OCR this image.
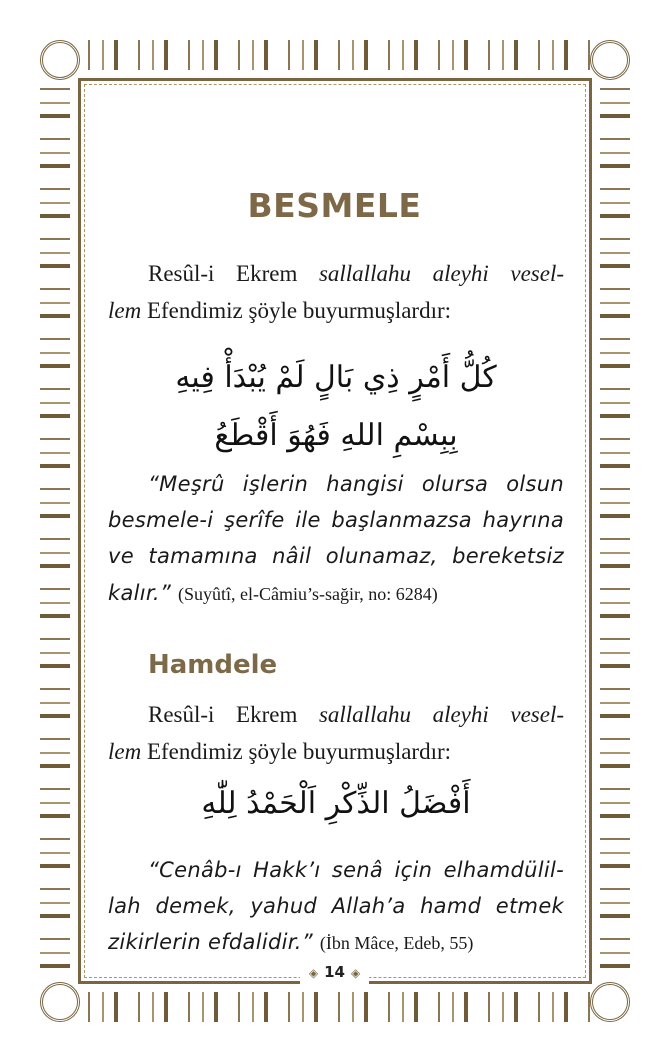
BESMELE
Resûl-i Ekrem sallallahu aleyhi vesel-
lem Efendimiz şöyle buyurmuşlardır:
كُلُّ أَمْرٍ ذِي بَالٍ لَمْ يُبْدَأْ فِيهِ
بِبِسْمِ اللهِ فَهُوَ أَقْطَعُ
“Meşrû işlerin hangisi olursa olsun
besmele-i şerîfe ile başlanmazsa hayrına
ve tamamına nâil olunamaz, bereketsiz
kalır.” (Suyûtî, el-Câmiu’s-sağir, no: 6284)
Hamdele
Resûl-i Ekrem sallallahu aleyhi vesel-
lem Efendimiz şöyle buyurmuşlardır:
أَفْضَلُ الذِّكْرِ اَلْحَمْدُ لِلّٰهِ
“Cenâb-ı Hakk’ı senâ için elhamdülil-
lah demek, yahud Allah’a hamd etmek
zikirlerin efdalidir.” (İbn Mâce, Edeb, 55)
◈ 14 ◈
